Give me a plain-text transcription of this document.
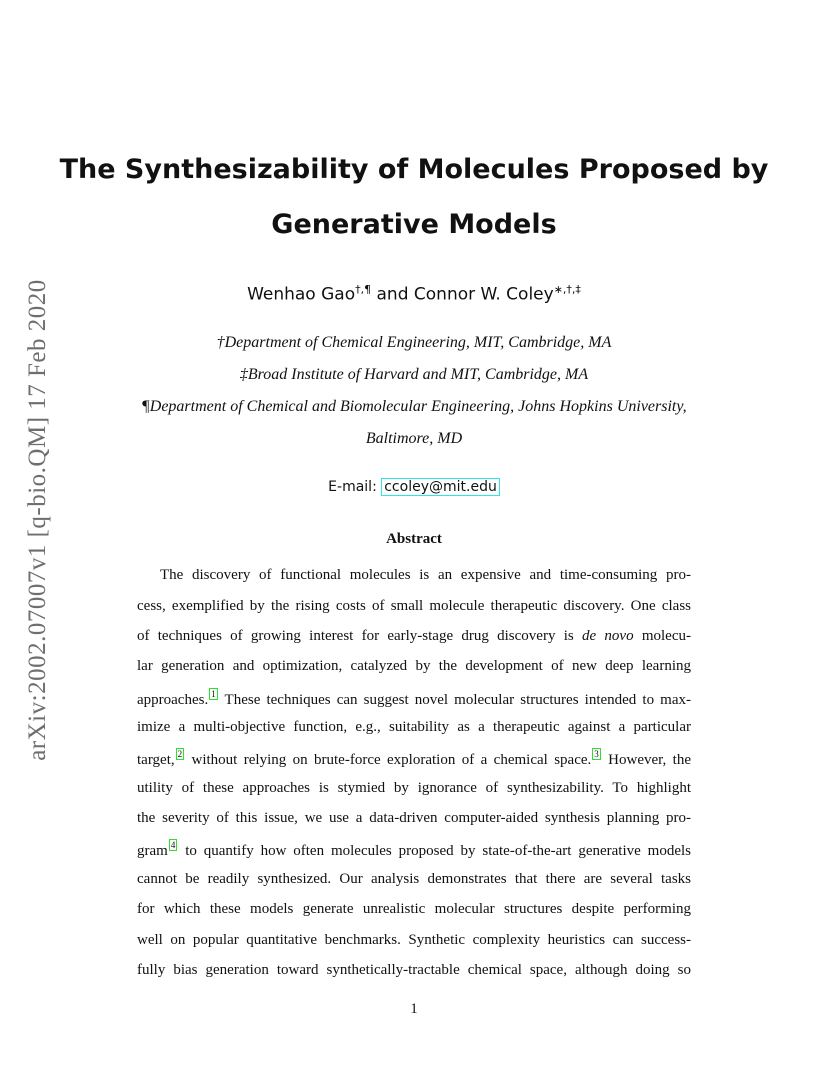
arXiv:2002.07007v1 [q-bio.QM] 17 Feb 2020
The Synthesizability of Molecules Proposed by
Generative Models
Wenhao Gao†,¶ and Connor W. Coley∗,†,‡
†Department of Chemical Engineering, MIT, Cambridge, MA
‡Broad Institute of Harvard and MIT, Cambridge, MA
¶Department of Chemical and Biomolecular Engineering, Johns Hopkins University,
Baltimore, MD
E-mail: ccoley@mit.edu
Abstract
The discovery of functional molecules is an expensive and time-consuming pro-
cess, exemplified by the rising costs of small molecule therapeutic discovery. One class
of techniques of growing interest for early-stage drug discovery is de novo molecu-
lar generation and optimization, catalyzed by the development of new deep learning
approaches. 1 These techniques can suggest novel molecular structures intended to max-
imize a multi-objective function, e.g., suitability as a therapeutic against a particular
target, 2 without relying on brute-force exploration of a chemical space. 3 However, the
utility of these approaches is stymied by ignorance of synthesizability. To highlight
the severity of this issue, we use a data-driven computer-aided synthesis planning pro-
gram 4 to quantify how often molecules proposed by state-of-the-art generative models
cannot be readily synthesized. Our analysis demonstrates that there are several tasks
for which these models generate unrealistic molecular structures despite performing
well on popular quantitative benchmarks. Synthetic complexity heuristics can success-
fully bias generation toward synthetically-tractable chemical space, although doing so
1
